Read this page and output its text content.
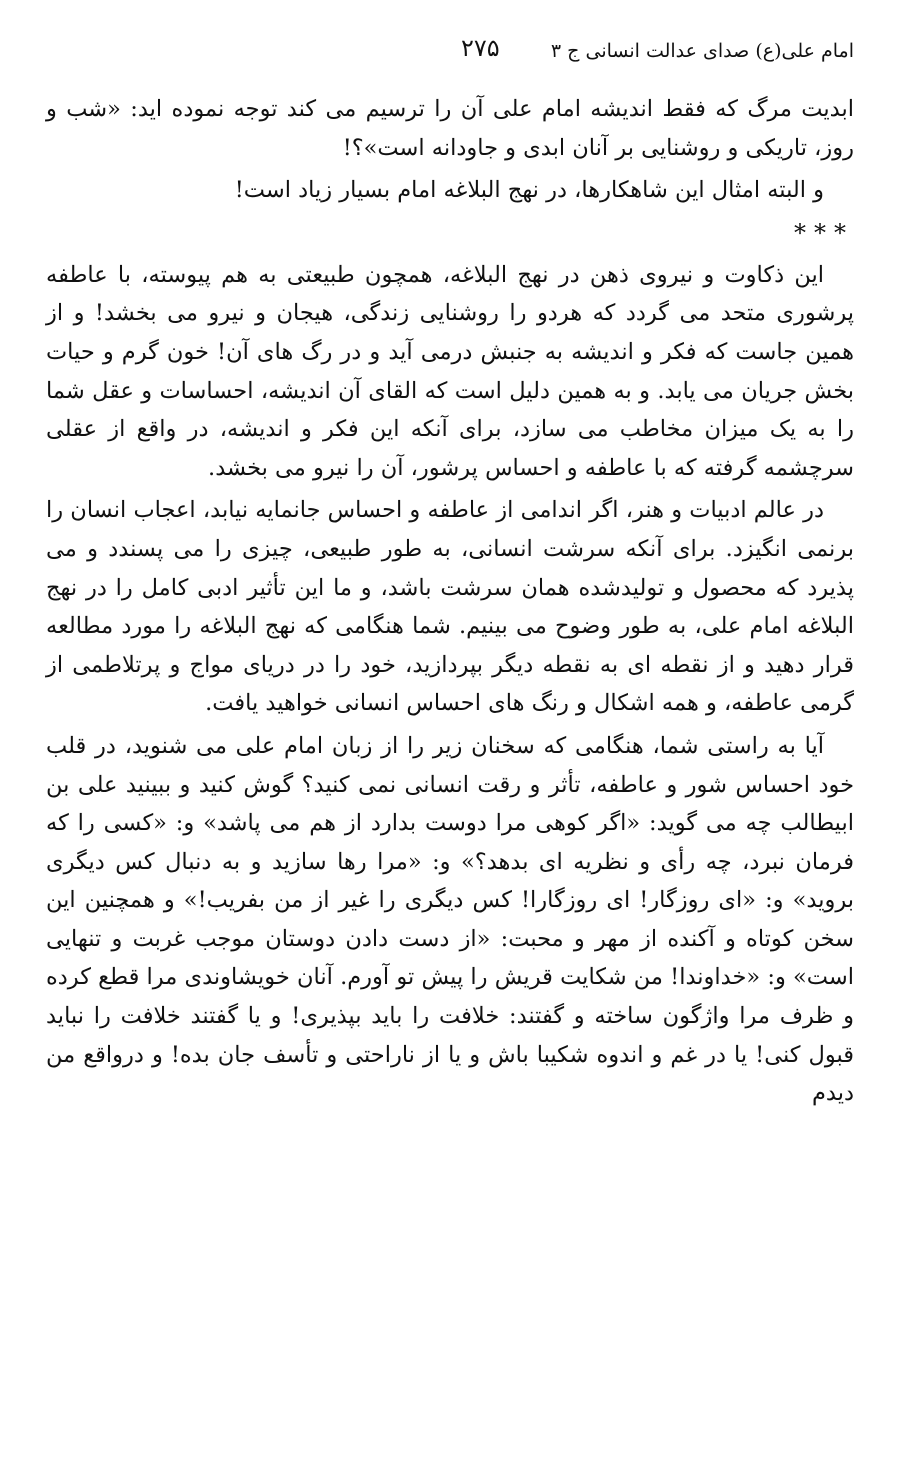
امام علی(ع) صدای عدالت انسانی ج ۳
۲۷۵

ابدیت مرگ که فقط اندیشه امام علی آن را ترسیم می کند توجه نموده اید: «شب و روز، تاریکی و روشنایی بر آنان ابدی و جاودانه است»؟!

و البته امثال این شاهکارها، در نهج البلاغه امام بسیار زیاد است!

***

این ذکاوت و نیروی ذهن در نهج البلاغه، همچون طبیعتی به هم پیوسته، با عاطفه پرشوری متحد می گردد که هردو را روشنایی زندگی، هیجان و نیرو می بخشد! و از همین جاست که فکر و اندیشه به جنبش درمی آید و در رگ های آن! خون گرم و حیات بخش جریان می یابد. و به همین دلیل است که القای آن اندیشه، احساسات و عقل شما را به یک میزان مخاطب می سازد، برای آنکه این فکر و اندیشه، در واقع از عقلی سرچشمه گرفته که با عاطفه و احساس پرشور، آن را نیرو می بخشد.

در عالم ادبیات و هنر، اگر اندامی از عاطفه و احساس جانمایه نیابد، اعجاب انسان را برنمی انگیزد. برای آنکه سرشت انسانی، به طور طبیعی، چیزی را می پسندد و می پذیرد که محصول و تولیدشده همان سرشت باشد، و ما این تأثیر ادبی کامل را در نهج البلاغه امام علی، به طور وضوح می بینیم. شما هنگامی که نهج البلاغه را مورد مطالعه قرار دهید و از نقطه ای به نقطه دیگر بپردازید، خود را در دریای مواج و پرتلاطمی از گرمی عاطفه، و همه اشکال و رنگ های احساس انسانی خواهید یافت.

آیا به راستی شما، هنگامی که سخنان زیر را از زبان امام علی می شنوید، در قلب خود احساس شور و عاطفه، تأثر و رقت انسانی نمی کنید؟ گوش کنید و ببینید علی بن ابیطالب چه می گوید: «اگر کوهی مرا دوست بدارد از هم می پاشد» و: «کسی را که فرمان نبرد، چه رأی و نظریه ای بدهد؟» و: «مرا رها سازید و به دنبال کس دیگری بروید» و: «ای روزگار! ای روزگارا! کس دیگری را غیر از من بفریب!» و همچنین این سخن کوتاه و آکنده از مهر و محبت: «از دست دادن دوستان موجب غربت و تنهایی است» و: «خداوندا! من شکایت قریش را پیش تو آورم. آنان خویشاوندی مرا قطع کرده و ظرف مرا واژگون ساخته و گفتند: خلافت را باید بپذیری! و یا گفتند خلافت را نباید قبول کنی! یا در غم و اندوه شکیبا باش و یا از ناراحتی و تأسف جان بده! و درواقع من دیدم
